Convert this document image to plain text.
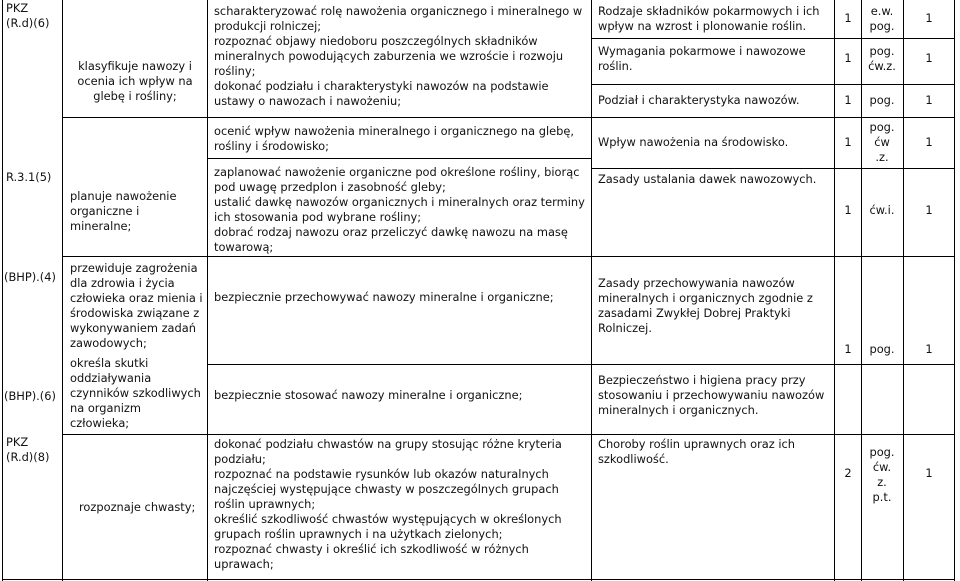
PKZ
(R.d)(6)
R.3.1(5)
(BHP).(4)
(BHP).(6)
PKZ
(R.d)(8)
klasyfikuje nawozy i
ocenia ich wpływ na
glebę i rośliny;
planuje nawożenie
organiczne i
mineralne;
przewiduje zagrożenia
dla zdrowia i życia
człowieka oraz mienia i
środowiska związane z
wykonywaniem zadań
zawodowych;
określa skutki
oddziaływania
czynników szkodliwych
na organizm
człowieka;
rozpoznaje chwasty;
scharakteryzować rolę nawożenia organicznego i mineralnego w
produkcji rolniczej;
rozpoznać objawy niedoboru poszczególnych składników
mineralnych powodujących zaburzenia we wzroście i rozwoju
rośliny;
dokonać podziału i charakterystyki nawozów na podstawie
ustawy o nawozach i nawożeniu;
ocenić wpływ nawożenia mineralnego i organicznego na glebę,
rośliny i środowisko;
zaplanować nawożenie organiczne pod określone rośliny, biorąc
pod uwagę przedplon i zasobność gleby;
ustalić dawkę nawozów organicznych i mineralnych oraz terminy
ich stosowania pod wybrane rośliny;
dobrać rodzaj nawozu oraz przeliczyć dawkę nawozu na masę
towarową;
bezpiecznie przechowywać nawozy mineralne i organiczne;
bezpiecznie stosować nawozy mineralne i organiczne;
dokonać podziału chwastów na grupy stosując różne kryteria
podziału;
rozpoznać na podstawie rysunków lub okazów naturalnych
najczęściej występujące chwasty w poszczególnych grupach
roślin uprawnych;
określić szkodliwość chwastów występujących w określonych
grupach roślin uprawnych i na użytkach zielonych;
rozpoznać chwasty i określić ich szkodliwość w różnych
uprawach;
Rodzaje składników pokarmowych i ich
wpływ na wzrost i plonowanie roślin.
Wymagania pokarmowe i nawozowe
roślin.
Podział i charakterystyka nawozów.
Wpływ nawożenia na środowisko.
Zasady ustalania dawek nawozowych.
Zasady przechowywania nawozów
mineralnych i organicznych zgodnie z
zasadami Zwykłej Dobrej Praktyki
Rolniczej.
Bezpieczeństwo i higiena pracy przy
stosowaniu i przechowywaniu nawozów
mineralnych i organicznych.
Choroby roślin uprawnych oraz ich
szkodliwość.
1
1
1
1
1
1
2
e.w.
pog.
pog.
ćw.z.
pog.
pog.
ćw
.z.
ćw.i.
pog.
pog.
ćw.
z.
p.t.
1
1
1
1
1
1
1
